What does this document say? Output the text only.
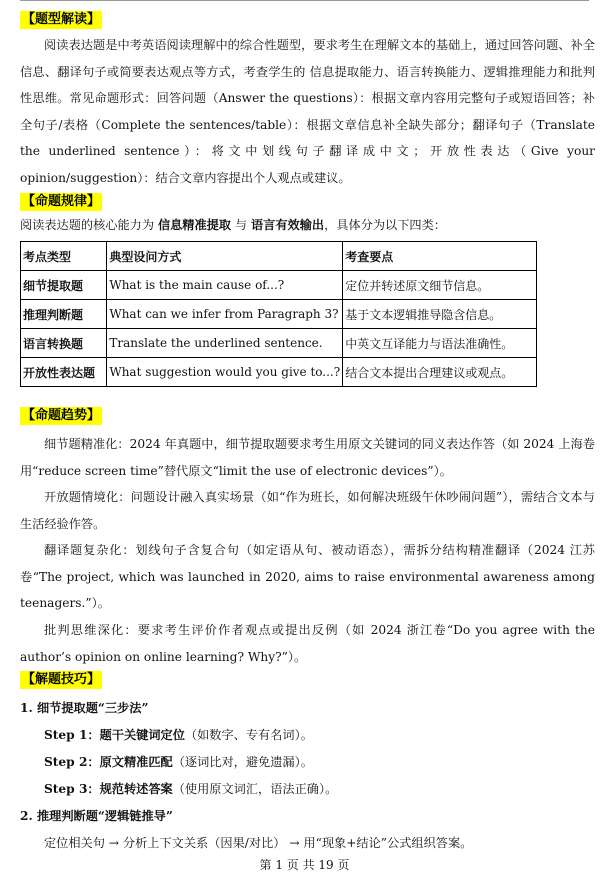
【题型解读】

阅读表达题是中考英语阅读理解中的综合性题型，要求考生在理解文本的基础上，通过回答问题、补全信息、翻译句子或简要表达观点等方式，考查学生的 信息提取能力、语言转换能力、逻辑推理能力和批判性思维。常见命题形式：回答问题（Answer the questions）：根据文章内容用完整句子或短语回答；补全句子/表格（Complete the sentences/table）：根据文章信息补全缺失部分；翻译句子（Translate the underlined sentence）：将文中划线句子翻译成中文；开放性表达（Give your opinion/suggestion）：结合文章内容提出个人观点或建议。

【命题规律】

阅读表达题的核心能力为 信息精准提取 与 语言有效输出，具体分为以下四类：

考点类型	典型设问方式	考查要点
细节提取题	What is the main cause of...?	定位并转述原文细节信息。
推理判断题	What can we infer from Paragraph 3?	基于文本逻辑推导隐含信息。
语言转换题	Translate the underlined sentence.	中英文互译能力与语法准确性。
开放性表达题	What suggestion would you give to...?	结合文本提出合理建议或观点。
【命题趋势】

细节题精准化：2024 年真题中，细节提取题要求考生用原文关键词的同义表达作答（如 2024 上海卷用“reduce screen time”替代原文“limit the use of electronic devices”）。

开放题情境化：问题设计融入真实场景（如“作为班长，如何解决班级午休吵闹问题”），需结合文本与生活经验作答。

翻译题复杂化：划线句子含复合句（如定语从句、被动语态），需拆分结构精准翻译（2024 江苏卷“The project, which was launched in 2020, aims to raise environmental awareness among teenagers.”）。

批判思维深化：要求考生评价作者观点或提出反例（如 2024 浙江卷“Do you agree with the author’s opinion on online learning? Why?”）。

【解题技巧】
1. 细节提取题“三步法”
Step 1：题干关键词定位（如数字、专有名词）。
Step 2：原文精准匹配（逐词比对，避免遗漏）。
Step 3：规范转述答案（使用原文词汇，语法正确）。
2. 推理判断题“逻辑链推导”
定位相关句 → 分析上下文关系（因果/对比） → 用“现象+结论”公式组织答案。
第 1 页 共 19 页
